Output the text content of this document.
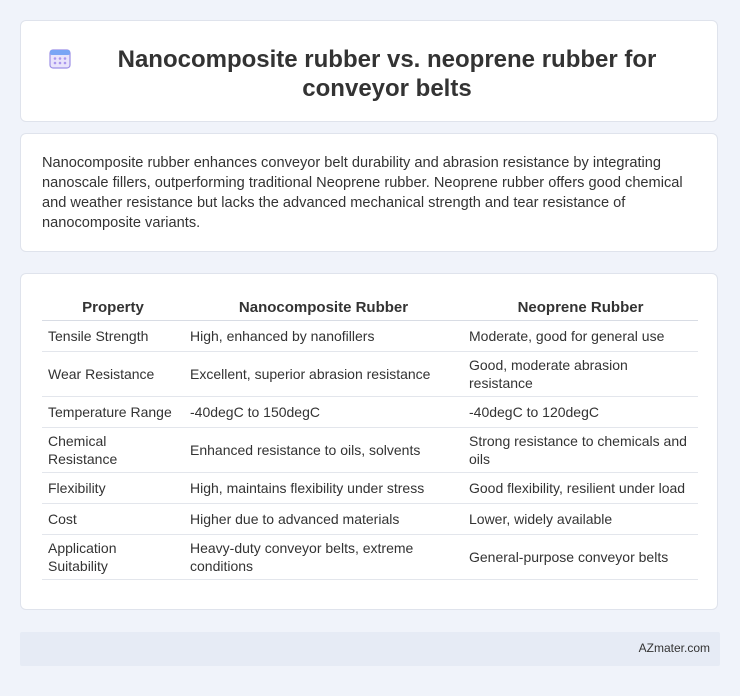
Nanocomposite rubber vs. neoprene rubber for conveyor belts

Nanocomposite rubber enhances conveyor belt durability and abrasion resistance by integrating nanoscale fillers, outperforming traditional Neoprene rubber. Neoprene rubber offers good chemical and weather resistance but lacks the advanced mechanical strength and tear resistance of nanocomposite variants.

Property	Nanocomposite Rubber	Neoprene Rubber
Tensile Strength	High, enhanced by nanofillers	Moderate, good for general use
Wear Resistance	Excellent, superior abrasion resistance	Good, moderate abrasion resistance
Temperature Range	-40degC to 150degC	-40degC to 120degC
Chemical Resistance	Enhanced resistance to oils, solvents	Strong resistance to chemicals and oils
Flexibility	High, maintains flexibility under stress	Good flexibility, resilient under load
Cost	Higher due to advanced materials	Lower, widely available
Application Suitability	Heavy-duty conveyor belts, extreme conditions	General-purpose conveyor belts
AZmater.com
